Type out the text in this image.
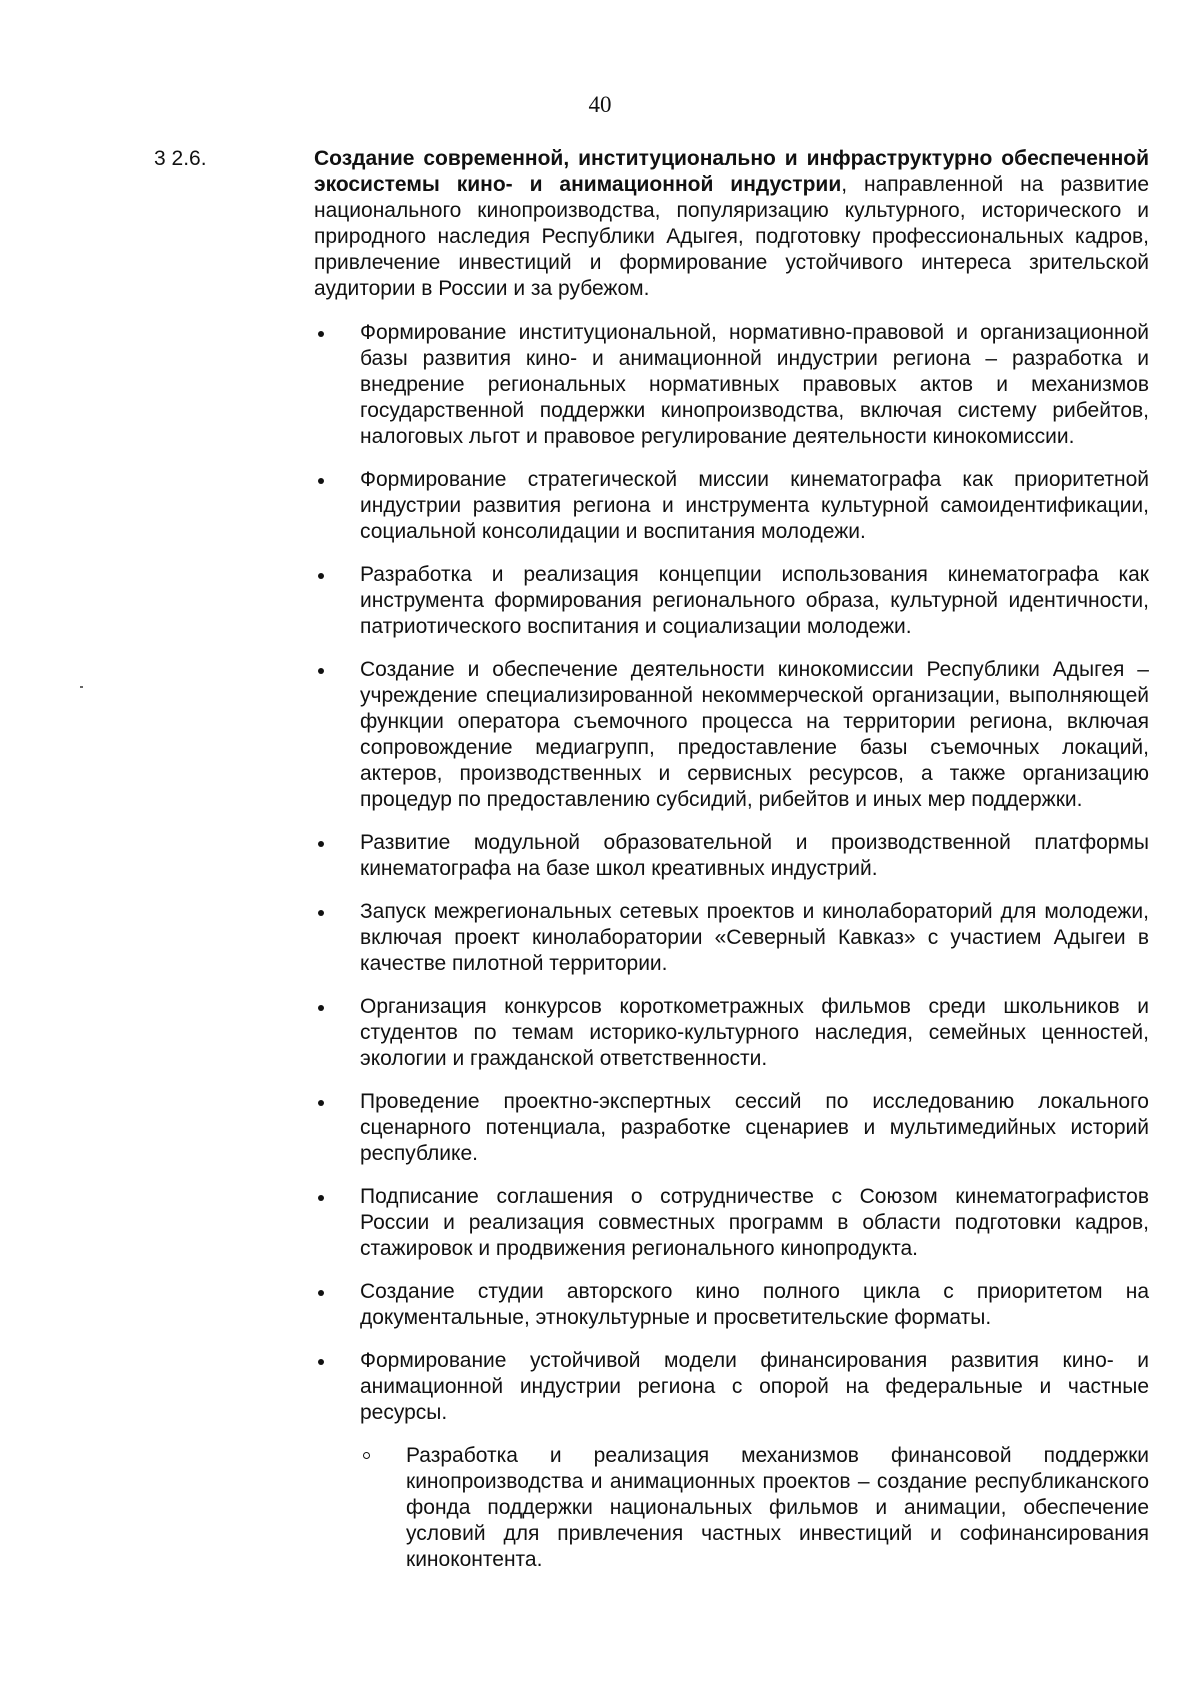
40
3 2.6.	Создание современной, институционально и инфраструктурно обеспеченной экосистемы кино- и анимационной индустрии, направленной на развитие национального кинопроизводства, популяризацию культурного, исторического и природного наследия Республики Адыгея, подготовку профессиональных кадров, привлечение инвестиций и формирование устойчивого интереса зрительской аудитории в России и за рубежом.

Формирование институциональной, нормативно-правовой и организационной базы развития кино- и анимационной индустрии региона – разработка и внедрение региональных нормативных правовых актов и механизмов государственной поддержки кинопроизводства, включая систему рибейтов, налоговых льгот и правовое регулирование деятельности кинокомиссии.
Формирование стратегической миссии кинематографа как приоритетной индустрии развития региона и инструмента культурной самоидентификации, социальной консолидации и воспитания молодежи.
Разработка и реализация концепции использования кинематографа как инструмента формирования регионального образа, культурной идентичности, патриотического воспитания и социализации молодежи.
Создание и обеспечение деятельности кинокомиссии Республики Адыгея – учреждение специализированной некоммерческой организации, выполняющей функции оператора съемочного процесса на территории региона, включая сопровождение медиагрупп, предоставление базы съемочных локаций, актеров, производственных и сервисных ресурсов, а также организацию процедур по предоставлению субсидий, рибейтов и иных мер поддержки.
Развитие модульной образовательной и производственной платформы кинематографа на базе школ креативных индустрий.
Запуск межрегиональных сетевых проектов и кинолабораторий для молодежи, включая проект кинолаборатории «Северный Кавказ» с участием Адыгеи в качестве пилотной территории.
Организация конкурсов короткометражных фильмов среди школьников и студентов по темам историко-культурного наследия, семейных ценностей, экологии и гражданской ответственности.
Проведение проектно-экспертных сессий по исследованию локального сценарного потенциала, разработке сценариев и мультимедийных историй республике.
Подписание соглашения о сотрудничестве с Союзом кинематографистов России и реализация совместных программ в области подготовки кадров, стажировок и продвижения регионального кинопродукта.
Создание студии авторского кино полного цикла с приоритетом на документальные, этнокультурные и просветительские форматы.
Формирование устойчивой модели финансирования развития кино- и анимационной индустрии региона с опорой на федеральные и частные ресурсы.
Разработка и реализация механизмов финансовой поддержки кинопроизводства и анимационных проектов – создание республиканского фонда поддержки национальных фильмов и анимации, обеспечение условий для привлечения частных инвестиций и софинансирования киноконтента.
